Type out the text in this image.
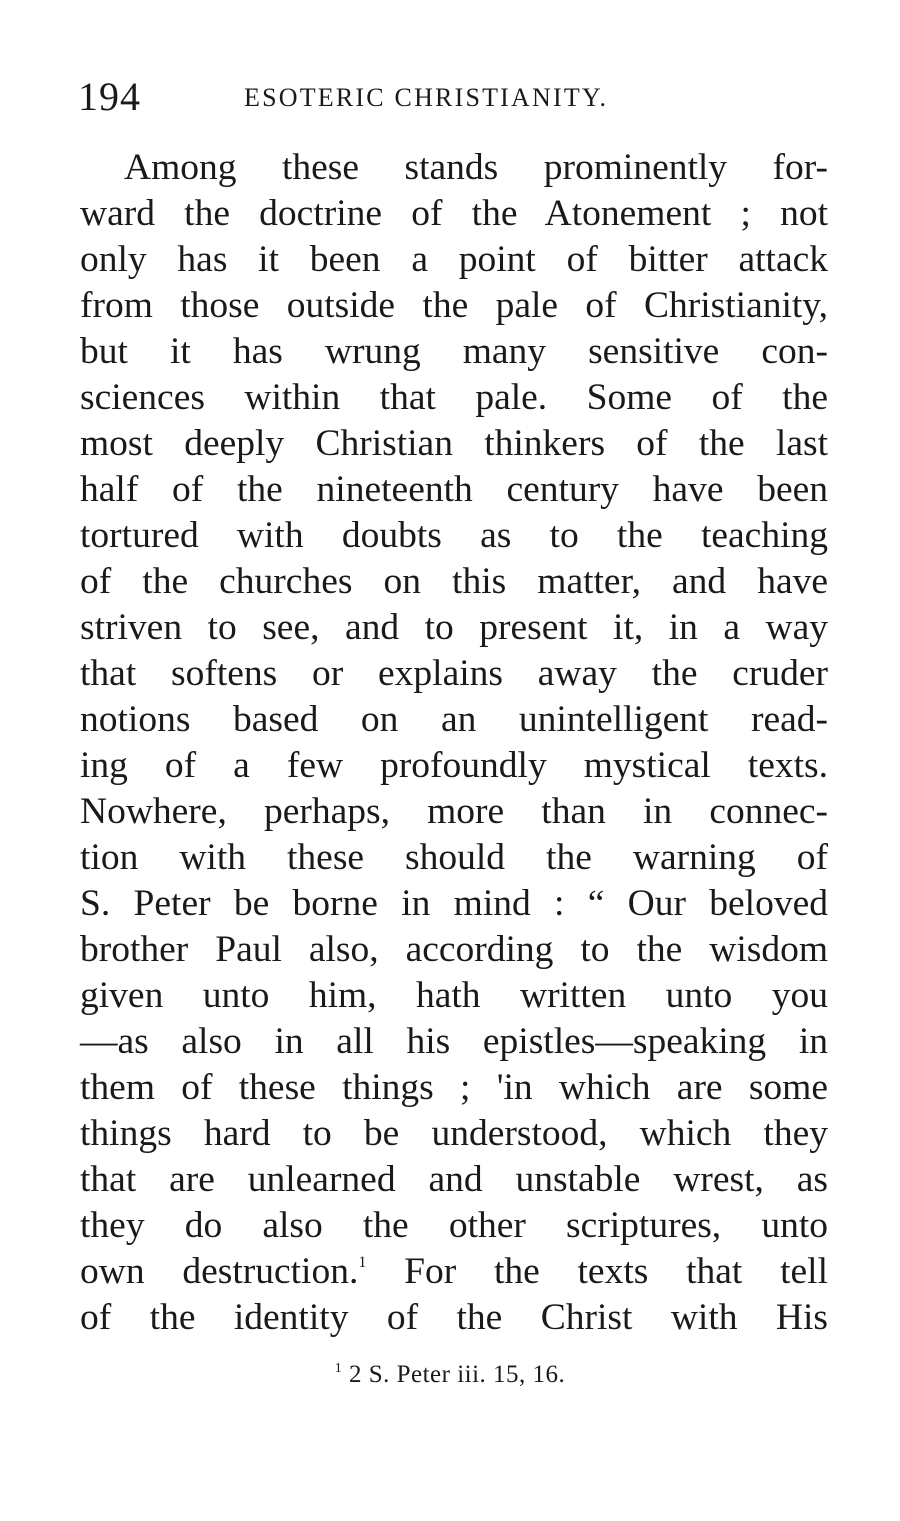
194	ESOTERIC CHRISTIANITY.
Among these stands prominently for-
ward the doctrine of the Atonement ; not
only has it been a point of bitter attack
from those outside the pale of Christianity,
but it has wrung many sensitive con-
sciences within that pale. Some of the
most deeply Christian thinkers of the last
half of the nineteenth century have been
tortured with doubts as to the teaching
of the churches on this matter, and have
striven to see, and to present it, in a way
that softens or explains away the cruder
notions based on an unintelligent read-
ing of a few profoundly mystical texts.
Nowhere, perhaps, more than in connec-
tion with these should the warning of
S. Peter be borne in mind : “ Our beloved
brother Paul also, according to the wisdom
given unto him, hath written unto you
—as also in all his epistles—speaking in
them of these things ; 'in which are some
things hard to be understood, which they
that are unlearned and unstable wrest, as
they do also the other scriptures, unto
own destruction.$^1$ For the texts that tell
of the identity of the Christ with His
$^1$ 2 S. Peter iii. 15, 16.
